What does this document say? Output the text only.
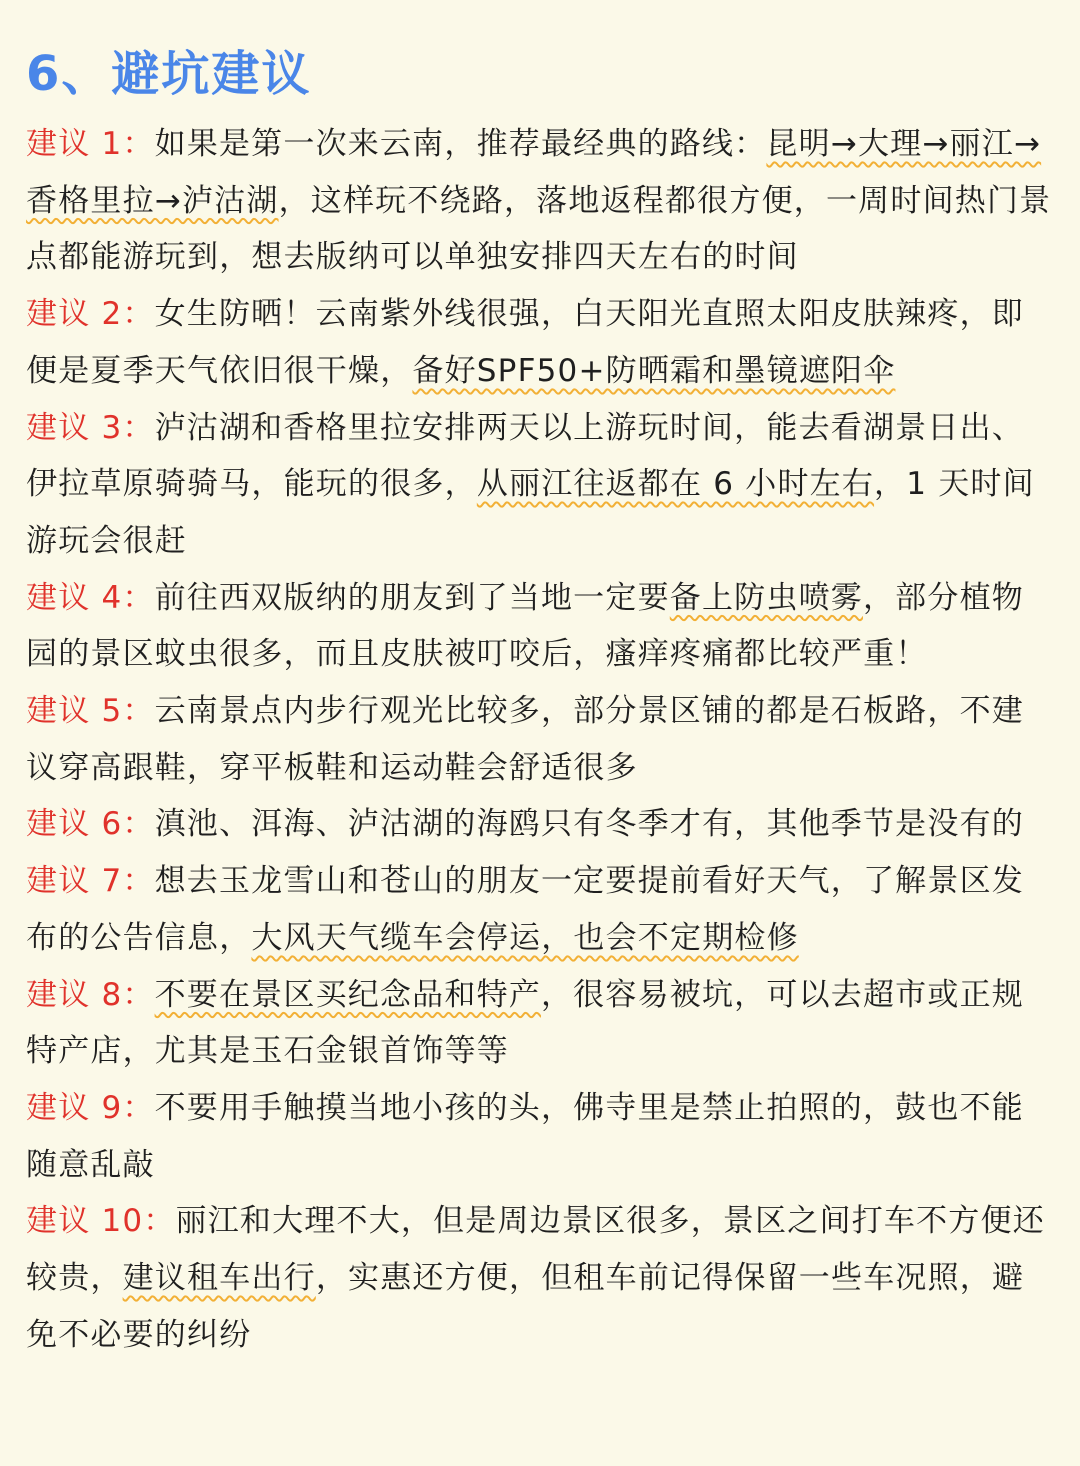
6、避坑建议

建议 1：如果是第一次来云南，推荐最经典的路线：昆明→大理→丽江→香格里拉→泸沽湖，这样玩不绕路，落地返程都很方便，一周时间热门景点都能游玩到，想去版纳可以单独安排四天左右的时间

建议 2：女生防晒！云南紫外线很强，白天阳光直照太阳皮肤辣疼，即便是夏季天气依旧很干燥，备好SPF50+防晒霜和墨镜遮阳伞

建议 3：泸沽湖和香格里拉安排两天以上游玩时间，能去看湖景日出、伊拉草原骑骑马，能玩的很多，从丽江往返都在 6 小时左右，1 天时间游玩会很赶

建议 4：前往西双版纳的朋友到了当地一定要备上防虫喷雾，部分植物园的景区蚊虫很多，而且皮肤被叮咬后，瘙痒疼痛都比较严重！

建议 5：云南景点内步行观光比较多，部分景区铺的都是石板路，不建议穿高跟鞋，穿平板鞋和运动鞋会舒适很多

建议 6：滇池、洱海、泸沽湖的海鸥只有冬季才有，其他季节是没有的

建议 7：想去玉龙雪山和苍山的朋友一定要提前看好天气，了解景区发布的公告信息，大风天气缆车会停运，也会不定期检修

建议 8：不要在景区买纪念品和特产，很容易被坑，可以去超市或正规特产店，尤其是玉石金银首饰等等

建议 9：不要用手触摸当地小孩的头，佛寺里是禁止拍照的，鼓也不能随意乱敲

建议 10：丽江和大理不大，但是周边景区很多，景区之间打车不方便还较贵，建议租车出行，实惠还方便，但租车前记得保留一些车况照，避免不必要的纠纷
